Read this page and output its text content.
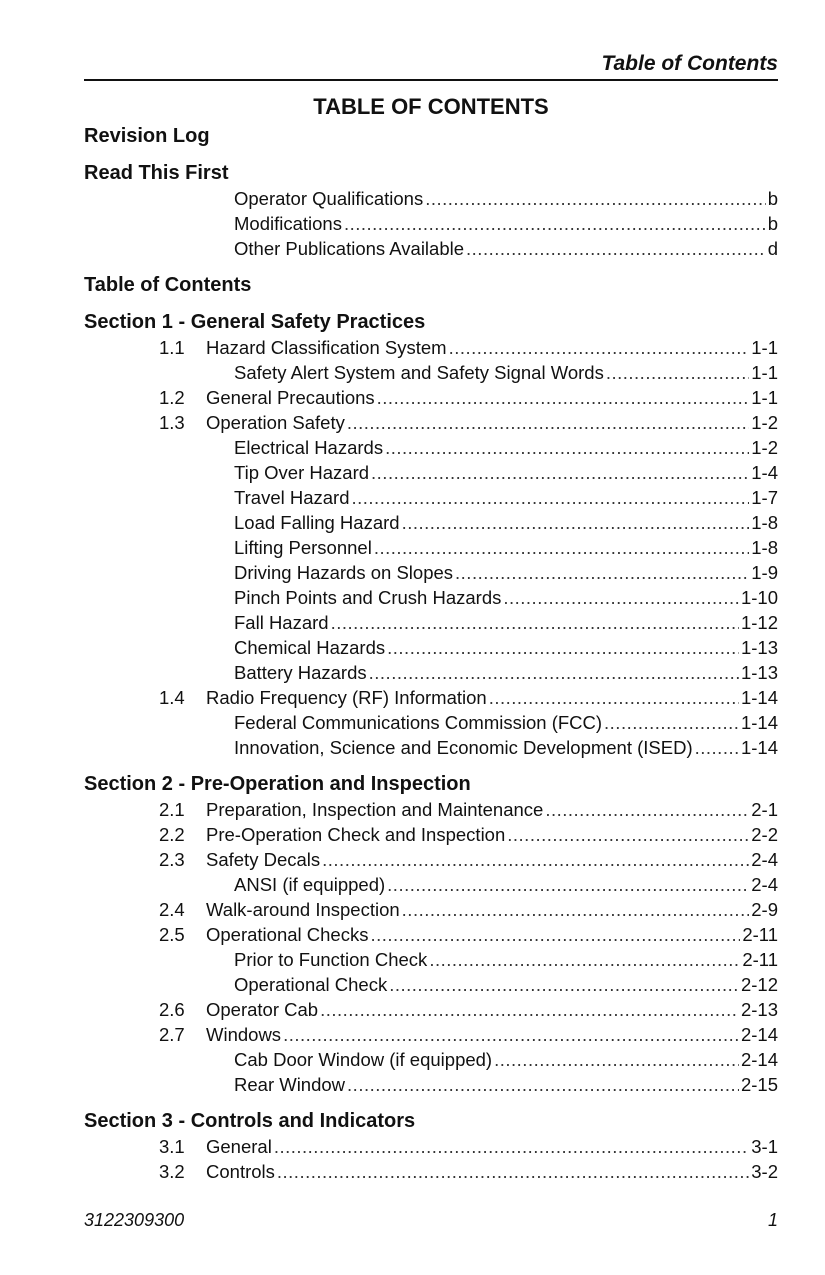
Table of Contents
TABLE OF CONTENTS
Revision Log
Read This First
Operator Qualifications .....	b
Modifications .....	b
Other Publications Available .....	d
Table of Contents
Section 1 - General Safety Practices
1.1 Hazard Classification System .....	1-1
Safety Alert System and Safety Signal Words .....	1-1
1.2 General Precautions .....	1-1
1.3 Operation Safety .....	1-2
Electrical Hazards .....	1-2
Tip Over Hazard .....	1-4
Travel Hazard .....	1-7
Load Falling Hazard .....	1-8
Lifting Personnel .....	1-8
Driving Hazards on Slopes .....	1-9
Pinch Points and Crush Hazards .....	1-10
Fall Hazard .....	1-12
Chemical Hazards .....	1-13
Battery Hazards .....	1-13
1.4 Radio Frequency (RF) Information .....	1-14
Federal Communications Commission (FCC) .....	1-14
Innovation, Science and Economic Development (ISED) .....	1-14
Section 2 - Pre-Operation and Inspection
2.1 Preparation, Inspection and Maintenance .....	2-1
2.2 Pre-Operation Check and Inspection .....	2-2
2.3 Safety Decals .....	2-4
ANSI (if equipped) .....	2-4
2.4 Walk-around Inspection .....	2-9
2.5 Operational Checks .....	2-11
Prior to Function Check .....	2-11
Operational Check .....	2-12
2.6 Operator Cab .....	2-13
2.7 Windows .....	2-14
Cab Door Window (if equipped) .....	2-14
Rear Window .....	2-15
Section 3 - Controls and Indicators
3.1 General .....	3-1
3.2 Controls .....	3-2
3122309300	1
